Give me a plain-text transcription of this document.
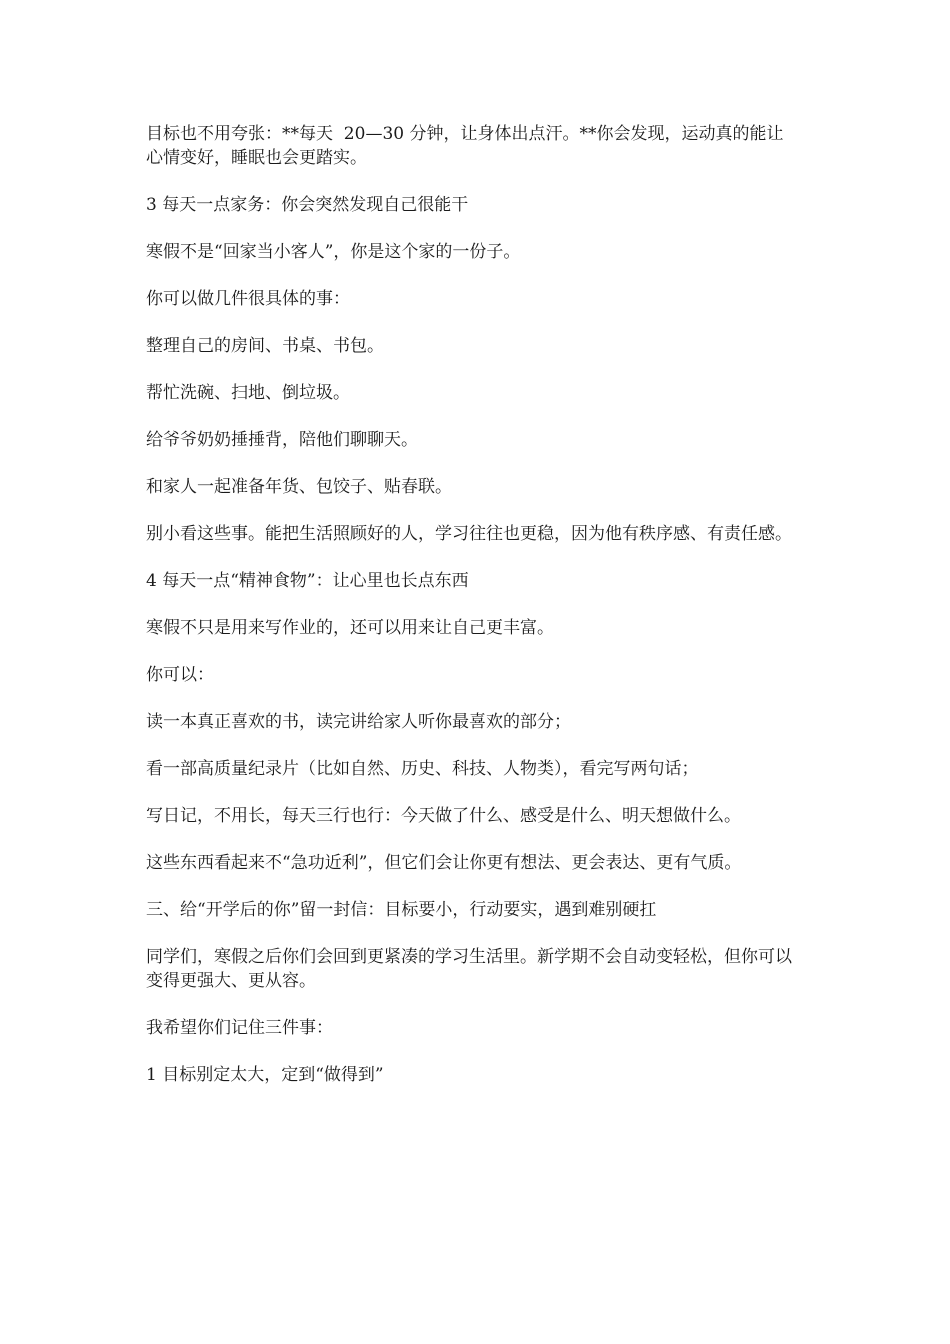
目标也不用夸张：**每天  20—30 分钟，让身体出点汗。**你会发现，运动真的能让心情变好，睡眠也会更踏实。

3 每天一点家务：你会突然发现自己很能干

寒假不是“回家当小客人”，你是这个家的一份子。

你可以做几件很具体的事：

整理自己的房间、书桌、书包。

帮忙洗碗、扫地、倒垃圾。

给爷爷奶奶捶捶背，陪他们聊聊天。

和家人一起准备年货、包饺子、贴春联。

别小看这些事。能把生活照顾好的人，学习往往也更稳，因为他有秩序感、有责任感。

4 每天一点“精神食物”：让心里也长点东西

寒假不只是用来写作业的，还可以用来让自己更丰富。

你可以：

读一本真正喜欢的书，读完讲给家人听你最喜欢的部分；

看一部高质量纪录片（比如自然、历史、科技、人物类），看完写两句话；

写日记，不用长，每天三行也行：今天做了什么、感受是什么、明天想做什么。

这些东西看起来不“急功近利”，但它们会让你更有想法、更会表达、更有气质。

三、给“开学后的你”留一封信：目标要小，行动要实，遇到难别硬扛

同学们，寒假之后你们会回到更紧凑的学习生活里。新学期不会自动变轻松，但你可以变得更强大、更从容。

我希望你们记住三件事：

1 目标别定太大，定到“做得到”
